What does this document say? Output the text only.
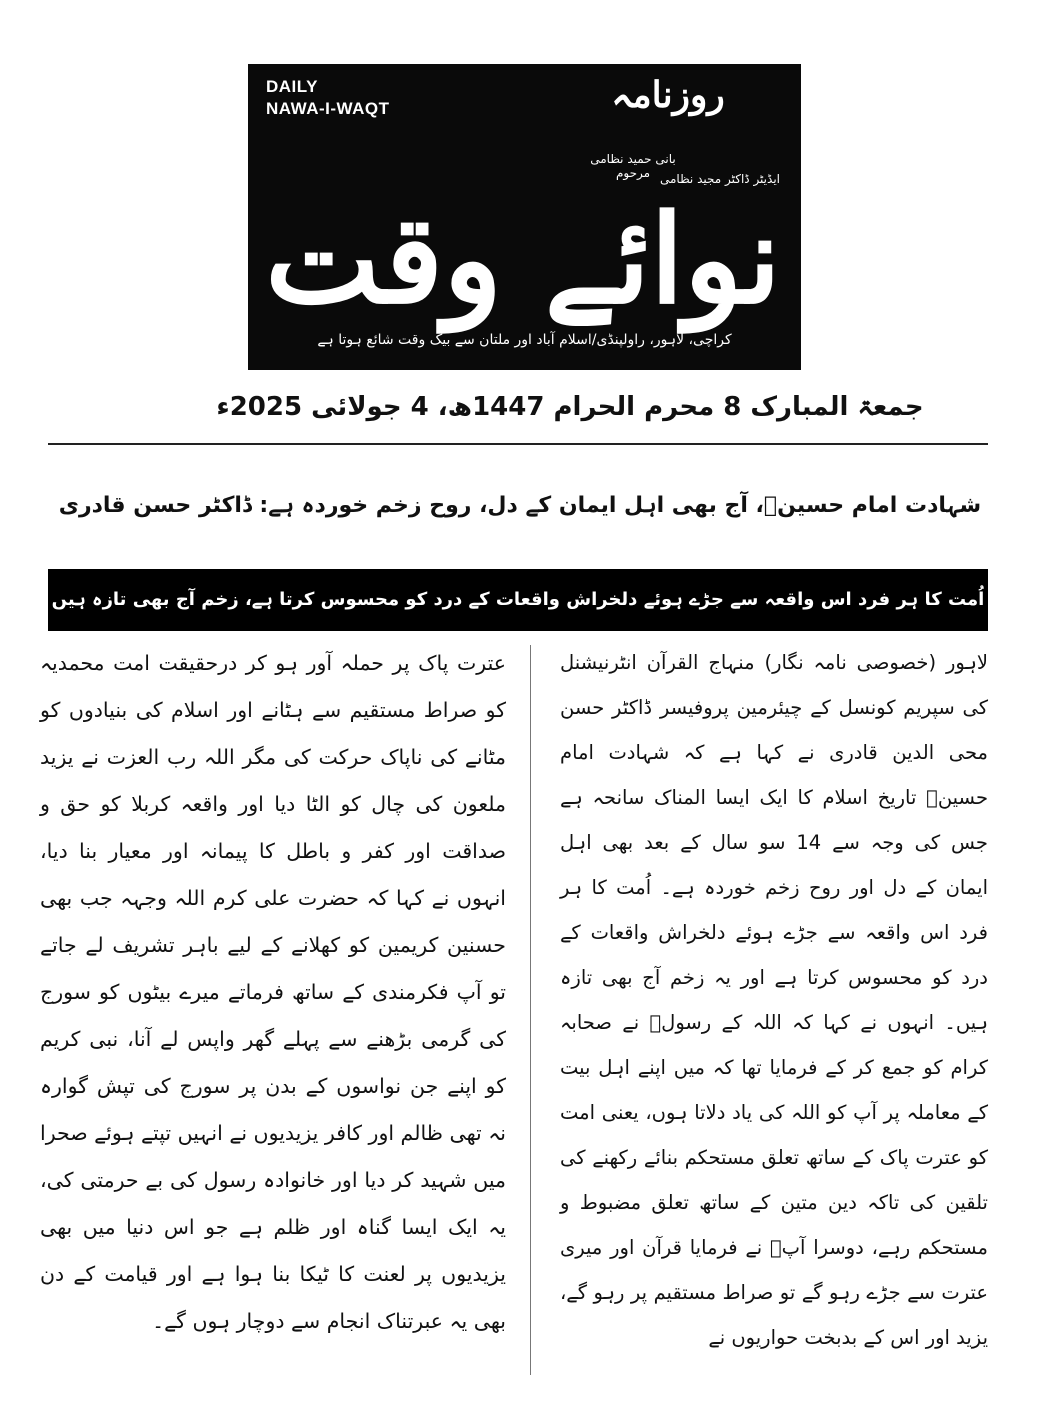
DAILY
NAWA-I-WAQT	روزنامہ
بانی حمید نظامی مرحوم ایڈیٹر ڈاکٹر مجید نظامی
نوائے وقت
کراچی، لاہور، راولپنڈی/اسلام آباد اور ملتان سے بیک وقت شائع ہوتا ہے
جمعۃ المبارک 8 محرم الحرام 1447ھ، 4 جولائی 2025ء
شہادت امام حسینؓ، آج بھی اہل ایمان کے دل، روح زخم خوردہ ہے: ڈاکٹر حسن قادری
اُمت کا ہر فرد اس واقعہ سے جڑے ہوئے دلخراش واقعات کے درد کو محسوس کرتا ہے، زخم آج بھی تازہ ہیں

لاہور (خصوصی نامہ نگار) منہاج القرآن انٹرنیشنل کی سپریم کونسل کے چیئرمین پروفیسر ڈاکٹر حسن محی الدین قادری نے کہا ہے کہ شہادت امام حسینؑ تاریخ اسلام کا ایک ایسا المناک سانحہ ہے جس کی وجہ سے 14 سو سال کے بعد بھی اہل ایمان کے دل اور روح زخم خوردہ ہے۔ اُمت کا ہر فرد اس واقعہ سے جڑے ہوئے دلخراش واقعات کے درد کو محسوس کرتا ہے اور یہ زخم آج بھی تازہ ہیں۔ انہوں نے کہا کہ اللہ کے رسولؐ نے صحابہ کرام کو جمع کر کے فرمایا تھا کہ میں اپنے اہل بیت کے معاملہ پر آپ کو اللہ کی یاد دلاتا ہوں، یعنی امت کو عترت پاک کے ساتھ تعلق مستحکم بنائے رکھنے کی تلقین کی تاکہ دین متین کے ساتھ تعلق مضبوط و مستحکم رہے، دوسرا آپؐ نے فرمایا قرآن اور میری عترت سے جڑے رہو گے تو صراط مستقیم پر رہو گے، یزید اور اس کے بدبخت حواریوں نے

عترت پاک پر حملہ آور ہو کر درحقیقت امت محمدیہ کو صراط مستقیم سے ہٹانے اور اسلام کی بنیادوں کو مٹانے کی ناپاک حرکت کی مگر اللہ رب العزت نے یزید ملعون کی چال کو الٹا دیا اور واقعہ کربلا کو حق و صداقت اور کفر و باطل کا پیمانہ اور معیار بنا دیا، انہوں نے کہا کہ حضرت علی کرم اللہ وجہہ جب بھی حسنین کریمین کو کھلانے کے لیے باہر تشریف لے جاتے تو آپ فکرمندی کے ساتھ فرماتے میرے بیٹوں کو سورج کی گرمی بڑھنے سے پہلے گھر واپس لے آنا، نبی کریم کو اپنے جن نواسوں کے بدن پر سورج کی تپش گوارہ نہ تھی ظالم اور کافر یزیدیوں نے انہیں تپتے ہوئے صحرا میں شہید کر دیا اور خانوادہ رسول کی بے حرمتی کی، یہ ایک ایسا گناہ اور ظلم ہے جو اس دنیا میں بھی یزیدیوں پر لعنت کا ٹیکا بنا ہوا ہے اور قیامت کے دن بھی یہ عبرتناک انجام سے دوچار ہوں گے۔
